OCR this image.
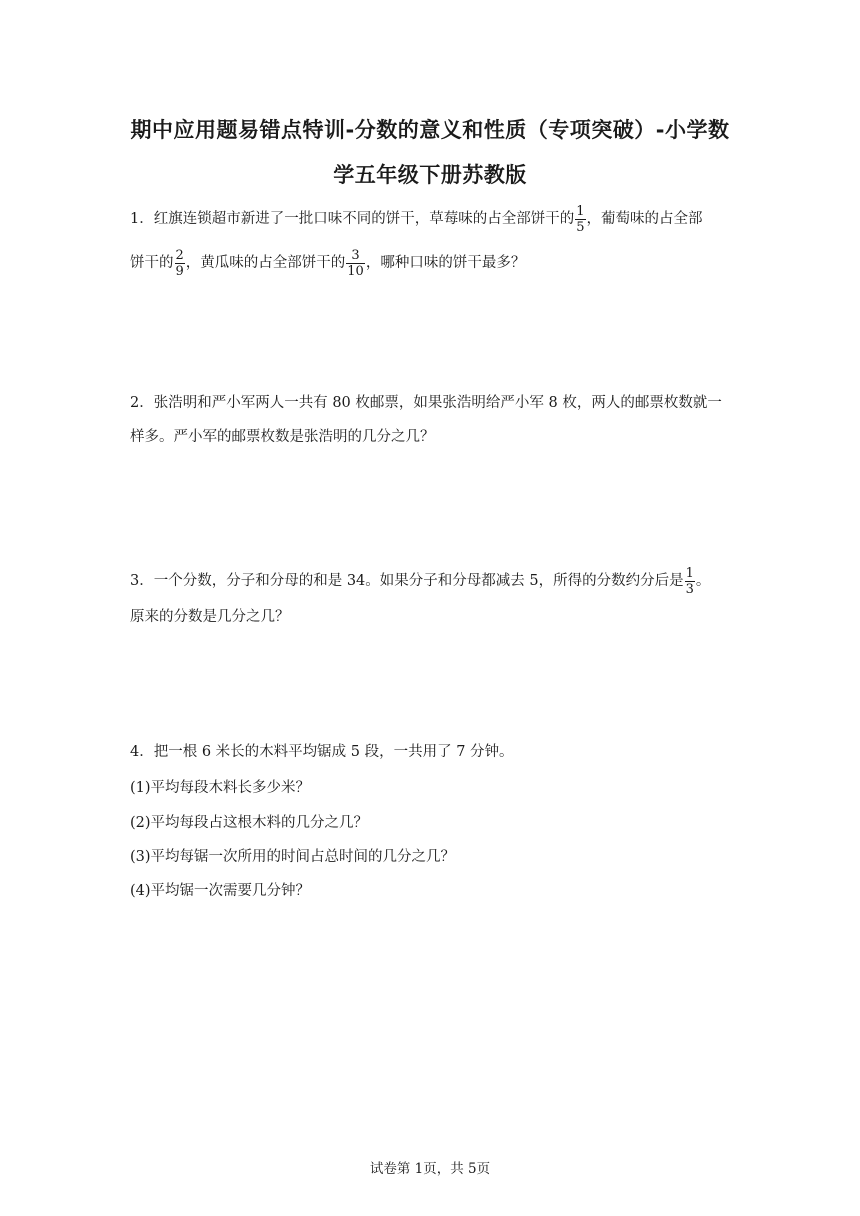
期中应用题易错点特训-分数的意义和性质（专项突破）-小学数
学五年级下册苏教版
1．红旗连锁超市新进了一批口味不同的饼干，草莓味的占全部饼干的 $\frac{1}{5}$ ，葡萄味的占全部
饼干的 $\frac{2}{9}$ ，黄瓜味的占全部饼干的 $\frac{3}{10}$ ，哪种口味的饼干最多？
2．张浩明和严小军两人一共有 80 枚邮票，如果张浩明给严小军 8 枚，两人的邮票枚数就一
样多。严小军的邮票枚数是张浩明的几分之几？
3．一个分数，分子和分母的和是 34。如果分子和分母都减去 5，所得的分数约分后是 $\frac{1}{3}$ 。
原来的分数是几分之几？
4．把一根 6 米长的木料平均锯成 5 段，一共用了 7 分钟。
(1)平均每段木料长多少米？
(2)平均每段占这根木料的几分之几？
(3)平均每锯一次所用的时间占总时间的几分之几？
(4)平均锯一次需要几分钟？
试卷第 1页，共 5页
